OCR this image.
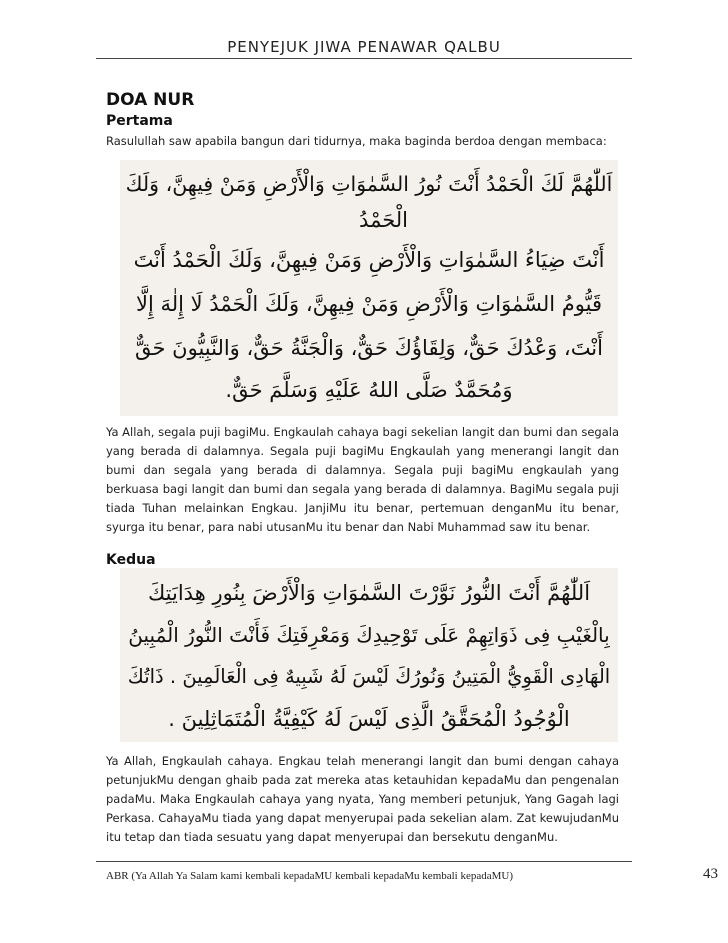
PENYEJUK JIWA PENAWAR QALBU
DOA NUR
Pertama
Rasulullah saw apabila bangun dari tidurnya, maka baginda berdoa dengan membaca:
اَللّٰهُمَّ لَكَ الْحَمْدُ أَنْتَ نُورُ السَّمٰوَاتِ وَالْأَرْضِ وَمَنْ فِيهِنَّ، وَلَكَ
الْحَمْدُ
أَنْتَ ضِيَاءُ السَّمٰوَاتِ وَالْأَرْضِ وَمَنْ فِيهِنَّ، وَلَكَ الْحَمْدُ أَنْتَ
قَيُّومُ السَّمٰوَاتِ وَالْأَرْضِ وَمَنْ فِيهِنَّ، وَلَكَ الْحَمْدُ لَا إِلٰهَ إِلَّا
أَنْتَ، وَعْدُكَ حَقٌّ، وَلِقَاؤُكَ حَقٌّ، وَالْجَنَّةُ حَقٌّ، وَالنَّبِيُّونَ حَقٌّ
وَمُحَمَّدٌ صَلَّى اللهُ عَلَيْهِ وَسَلَّمَ حَقٌّ.
Ya Allah, segala puji bagiMu. Engkaulah cahaya bagi sekelian langit dan bumi dan segala yang berada di dalamnya. Segala puji bagiMu Engkaulah yang menerangi langit dan bumi dan segala yang berada di dalamnya. Segala puji bagiMu engkaulah yang berkuasa bagi langit dan bumi dan segala yang berada di dalamnya. BagiMu segala puji tiada Tuhan melainkan Engkau. JanjiMu itu benar, pertemuan denganMu itu benar, syurga itu benar, para nabi utusanMu itu benar dan Nabi Muhammad saw itu benar.
Kedua
اَللّٰهُمَّ أَنْتَ النُّورُ نَوَّرْتَ السَّمٰوَاتِ وَالْأَرْضَ بِنُورِ هِدَايَتِكَ
بِالْغَيْبِ فِى ذَوَاتِهِمْ عَلَى تَوْحِيدِكَ وَمَعْرِفَتِكَ فَأَنْتَ النُّورُ الْمُبِينُ
الْهَادِى الْقَوِيُّ الْمَتِينُ وَنُورُكَ لَيْسَ لَهُ شَبِيهٌ فِى الْعَالَمِينَ . ذَاتُكَ
الْوُجُودُ الْمُحَقَّقُ الَّذِى لَيْسَ لَهُ كَيْفِيَّةُ الْمُتَمَاثِلِينَ .
Ya Allah, Engkaulah cahaya. Engkau telah menerangi langit dan bumi dengan cahaya petunjukMu dengan ghaib pada zat mereka atas ketauhidan kepadaMu dan pengenalan padaMu. Maka Engkaulah cahaya yang nyata, Yang memberi petunjuk, Yang Gagah lagi Perkasa. CahayaMu tiada yang dapat menyerupai pada sekelian alam. Zat kewujudanMu itu tetap dan tiada sesuatu yang dapat menyerupai dan bersekutu denganMu.
ABR (Ya Allah Ya Salam kami kembali kepadaMU kembali kepadaMu kembali kepadaMU)	43
